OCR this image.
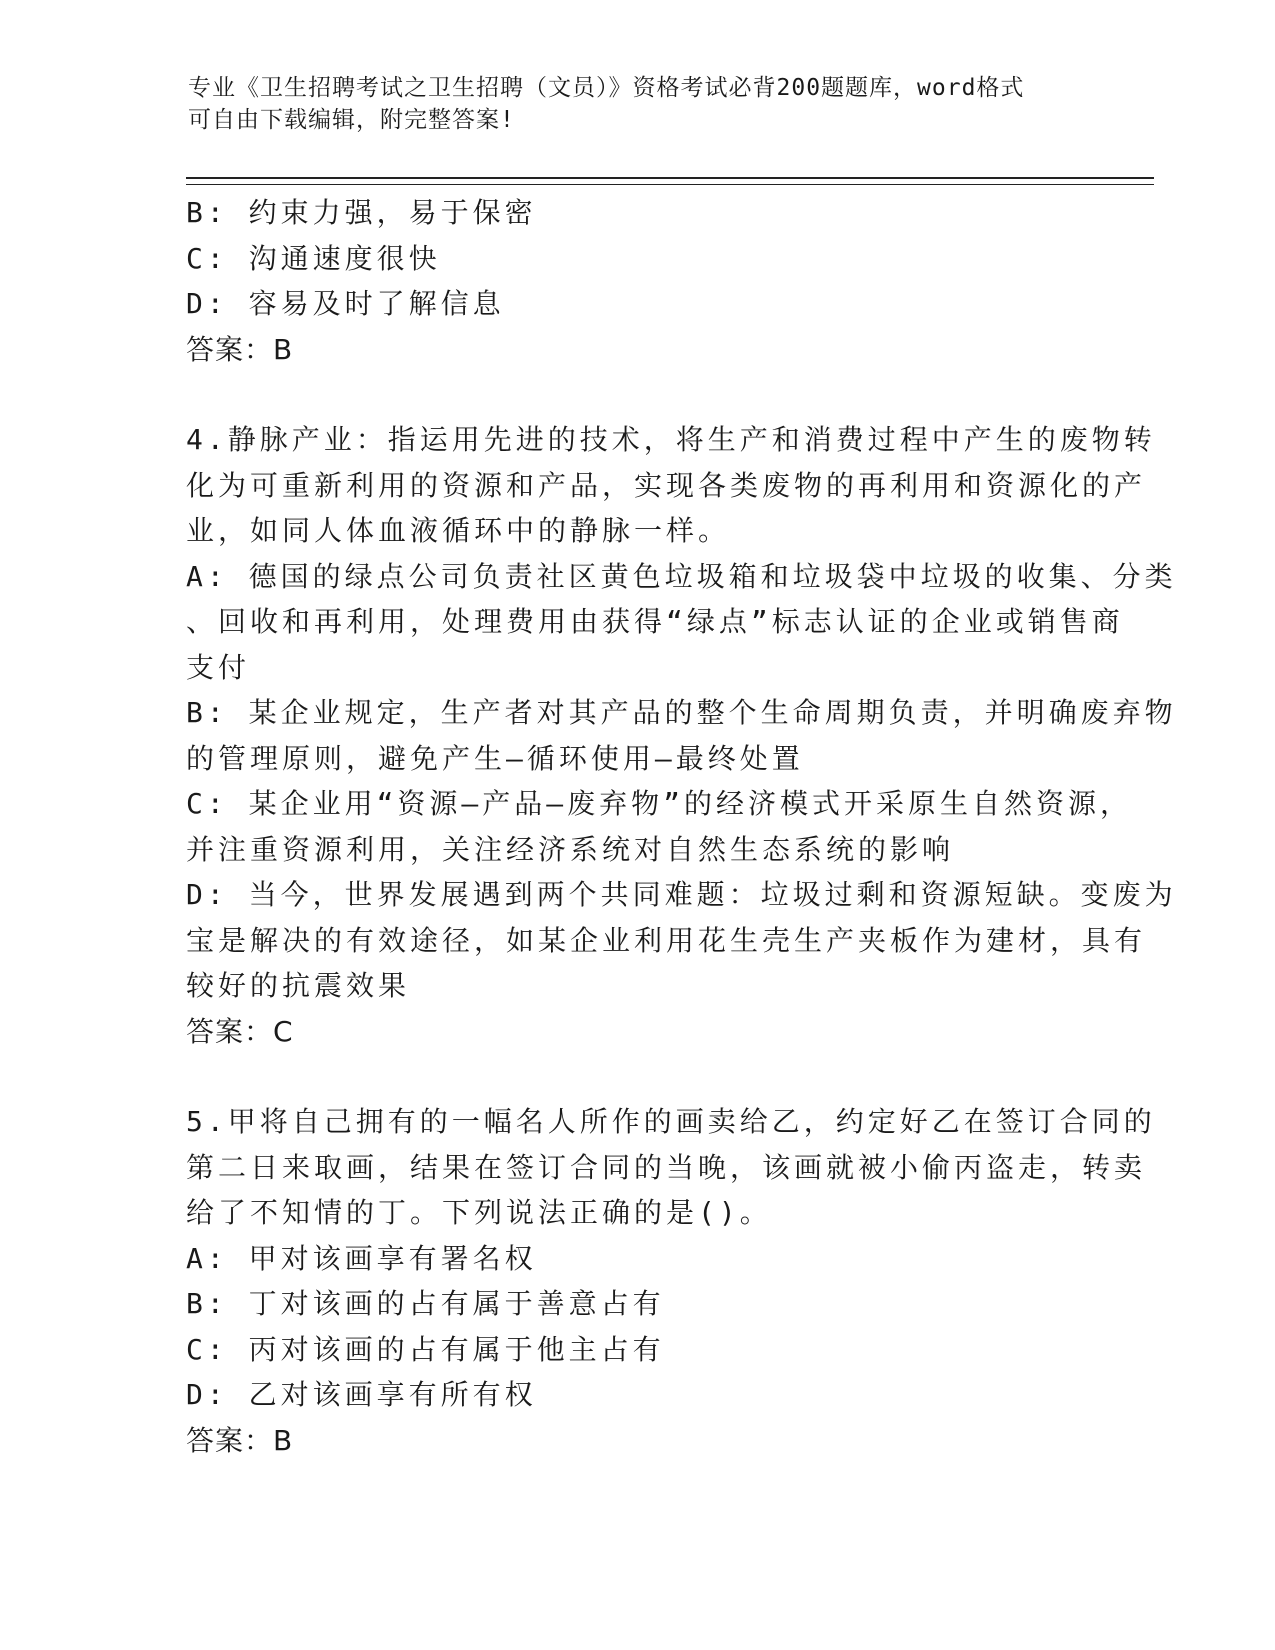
专业《卫生招聘考试之卫生招聘（文员）》资格考试必背200题题库，word格式
可自由下载编辑，附完整答案!

B: 约束力强，易于保密

C: 沟通速度很快

D: 容易及时了解信息

答案：B

4.静脉产业：指运用先进的技术，将生产和消费过程中产生的废物转

化为可重新利用的资源和产品，实现各类废物的再利用和资源化的产

业，如同人体血液循环中的静脉一样。

A: 德国的绿点公司负责社区黄色垃圾箱和垃圾袋中垃圾的收集、分类

、回收和再利用，处理费用由获得“绿点”标志认证的企业或销售商

支付

B: 某企业规定，生产者对其产品的整个生命周期负责，并明确废弃物

的管理原则，避免产生—循环使用—最终处置

C: 某企业用“资源—产品—废弃物”的经济模式开采原生自然资源，

并注重资源利用，关注经济系统对自然生态系统的影响

D: 当今，世界发展遇到两个共同难题：垃圾过剩和资源短缺。变废为

宝是解决的有效途径，如某企业利用花生壳生产夹板作为建材，具有

较好的抗震效果

答案：C

5.甲将自己拥有的一幅名人所作的画卖给乙，约定好乙在签订合同的

第二日来取画，结果在签订合同的当晚，该画就被小偷丙盗走，转卖

给了不知情的丁。下列说法正确的是()。

A: 甲对该画享有署名权

B: 丁对该画的占有属于善意占有

C: 丙对该画的占有属于他主占有

D: 乙对该画享有所有权

答案：B
